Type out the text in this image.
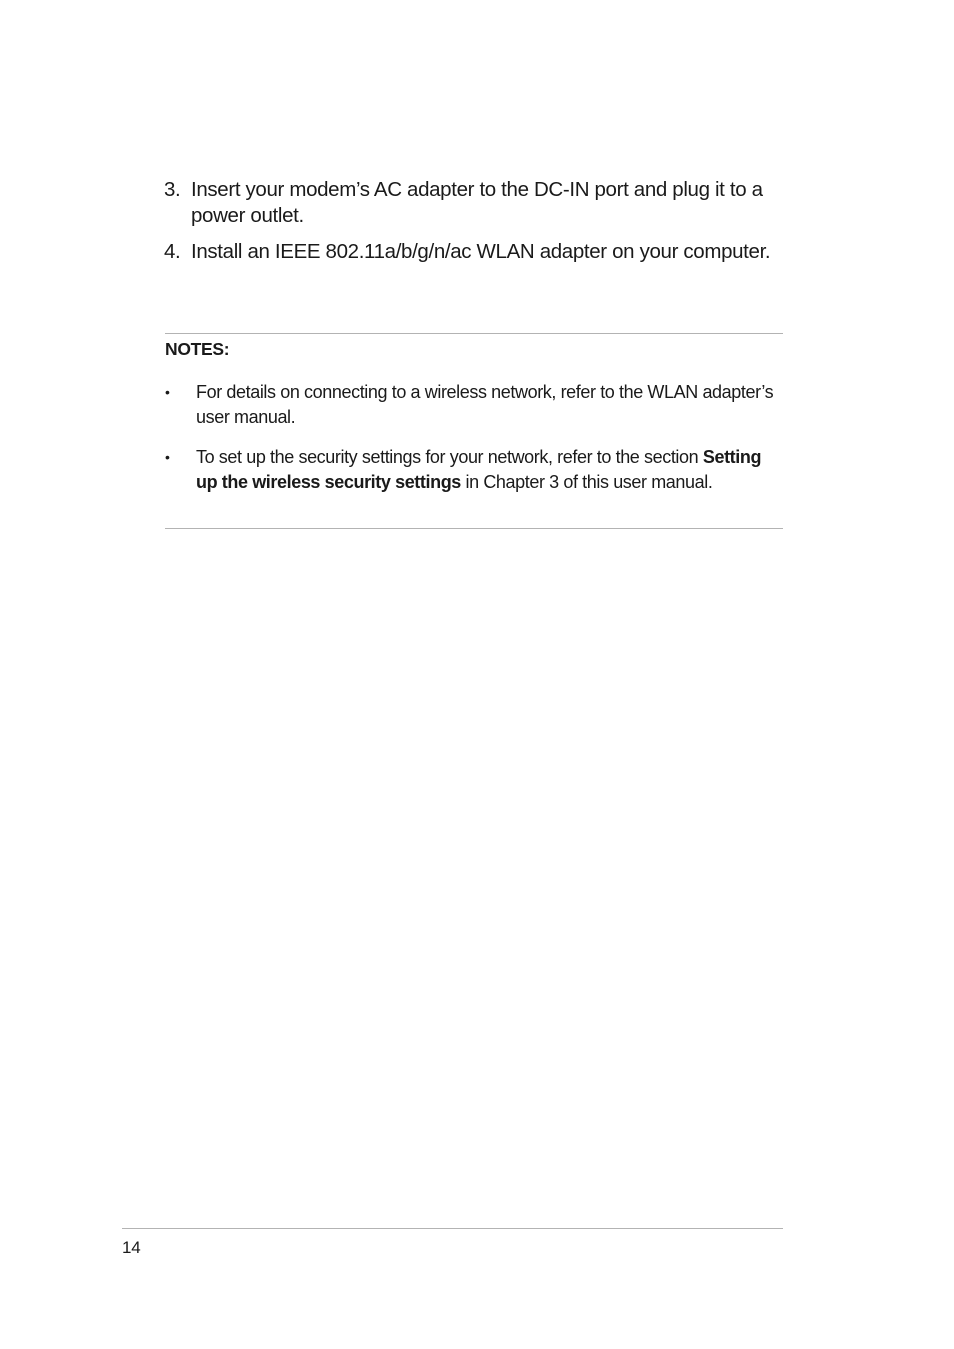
3. Insert your modem’s AC adapter to the DC-IN port and plug it to a power outlet.
4. Install an IEEE 802.11a/b/g/n/ac WLAN adapter on your computer.

NOTES:

• For details on connecting to a wireless network, refer to the WLAN adapter’s user manual.
• To set up the security settings for your network, refer to the section Setting up the wireless security settings in Chapter 3 of this user manual.
14
